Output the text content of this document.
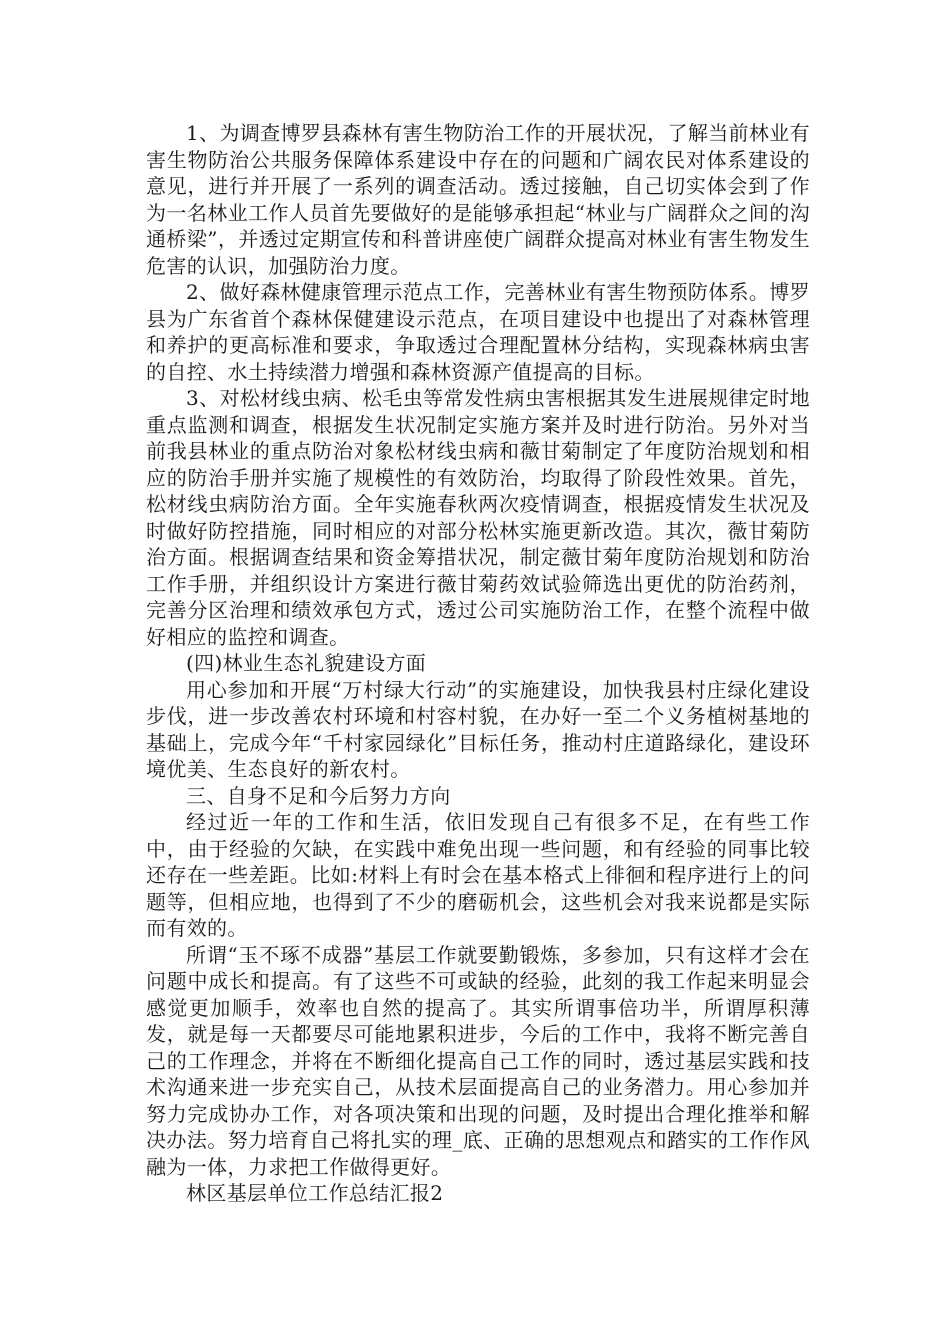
1、为调查博罗县森林有害生物防治工作的开展状况，了解当前林业有害生物防治公共服务保障体系建设中存在的问题和广阔农民对体系建设的意见，进行并开展了一系列的调查活动。透过接触，自己切实体会到了作为一名林业工作人员首先要做好的是能够承担起“林业与广阔群众之间的沟通桥梁”，并透过定期宣传和科普讲座使广阔群众提高对林业有害生物发生危害的认识，加强防治力度。

2、做好森林健康管理示范点工作，完善林业有害生物预防体系。博罗县为广东省首个森林保健建设示范点，在项目建设中也提出了对森林管理和养护的更高标准和要求，争取透过合理配置林分结构，实现森林病虫害的自控、水土持续潜力增强和森林资源产值提高的目标。

3、对松材线虫病、松毛虫等常发性病虫害根据其发生进展规律定时地重点监测和调查，根据发生状况制定实施方案并及时进行防治。另外对当前我县林业的重点防治对象松材线虫病和薇甘菊制定了年度防治规划和相应的防治手册并实施了规模性的有效防治，均取得了阶段性效果。首先，松材线虫病防治方面。全年实施春秋两次疫情调查，根据疫情发生状况及时做好防控措施，同时相应的对部分松林实施更新改造。其次，薇甘菊防治方面。根据调查结果和资金筹措状况，制定薇甘菊年度防治规划和防治工作手册，并组织设计方案进行薇甘菊药效试验筛选出更优的防治药剂，完善分区治理和绩效承包方式，透过公司实施防治工作，在整个流程中做好相应的监控和调查。

(四)林业生态礼貌建设方面

用心参加和开展“万村绿大行动”的实施建设，加快我县村庄绿化建设步伐，进一步改善农村环境和村容村貌，在办好一至二个义务植树基地的基础上，完成今年“千村家园绿化”目标任务，推动村庄道路绿化，建设环境优美、生态良好的新农村。

三、自身不足和今后努力方向

经过近一年的工作和生活，依旧发现自己有很多不足，在有些工作中，由于经验的欠缺，在实践中难免出现一些问题，和有经验的同事比较还存在一些差距。比如:材料上有时会在基本格式上徘徊和程序进行上的问题等，但相应地，也得到了不少的磨砺机会，这些机会对我来说都是实际而有效的。

所谓“玉不琢不成器”基层工作就要勤锻炼，多参加，只有这样才会在问题中成长和提高。有了这些不可或缺的经验，此刻的我工作起来明显会感觉更加顺手，效率也自然的提高了。其实所谓事倍功半，所谓厚积薄发，就是每一天都要尽可能地累积进步，今后的工作中，我将不断完善自己的工作理念，并将在不断细化提高自己工作的同时，透过基层实践和技术沟通来进一步充实自己，从技术层面提高自己的业务潜力。用心参加并努力完成协办工作，对各项决策和出现的问题，及时提出合理化推举和解决办法。努力培育自己将扎实的理_底、正确的思想观点和踏实的工作作风融为一体，力求把工作做得更好。

林区基层单位工作总结汇报2
